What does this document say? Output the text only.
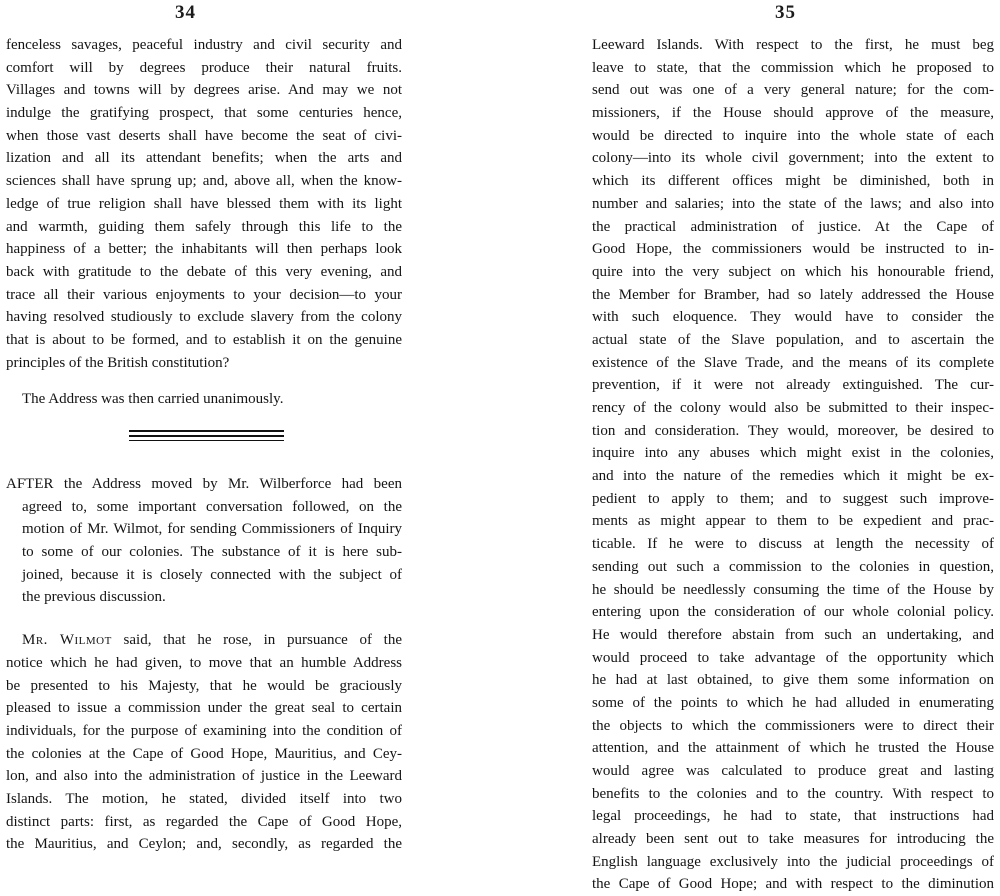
34
fenceless savages, peaceful industry and civil security and
comfort will by degrees produce their natural fruits.
Villages and towns will by degrees arise. And may we not
indulge the gratifying prospect, that some centuries hence,
when those vast deserts shall have become the seat of civi-
lization and all its attendant benefits; when the arts and
sciences shall have sprung up; and, above all, when the know-
ledge of true religion shall have blessed them with its light
and warmth, guiding them safely through this life to the
happiness of a better; the inhabitants will then perhaps look
back with gratitude to the debate of this very evening, and
trace all their various enjoyments to your decision—to your
having resolved studiously to exclude slavery from the colony
that is about to be formed, and to establish it on the genuine
principles of the British constitution?
The Address was then carried unanimously.
AFTER the Address moved by Mr. Wilberforce had been
agreed to, some important conversation followed, on the
motion of Mr. Wilmot, for sending Commissioners of Inquiry
to some of our colonies. The substance of it is here sub-
joined, because it is closely connected with the subject of
the previous discussion.
Mr. Wilmot said, that he rose, in pursuance of the
notice which he had given, to move that an humble Address
be presented to his Majesty, that he would be graciously
pleased to issue a commission under the great seal to certain
individuals, for the purpose of examining into the condition of
the colonies at the Cape of Good Hope, Mauritius, and Cey-
lon, and also into the administration of justice in the Leeward
Islands. The motion, he stated, divided itself into two
distinct parts: first, as regarded the Cape of Good Hope,
the Mauritius, and Ceylon; and, secondly, as regarded the
35
Leeward Islands. With respect to the first, he must beg
leave to state, that the commission which he proposed to
send out was one of a very general nature; for the com-
missioners, if the House should approve of the measure,
would be directed to inquire into the whole state of each
colony—into its whole civil government; into the extent to
which its different offices might be diminished, both in
number and salaries; into the state of the laws; and also into
the practical administration of justice. At the Cape of
Good Hope, the commissioners would be instructed to in-
quire into the very subject on which his honourable friend,
the Member for Bramber, had so lately addressed the House
with such eloquence. They would have to consider the
actual state of the Slave population, and to ascertain the
existence of the Slave Trade, and the means of its complete
prevention, if it were not already extinguished. The cur-
rency of the colony would also be submitted to their inspec-
tion and consideration. They would, moreover, be desired to
inquire into any abuses which might exist in the colonies,
and into the nature of the remedies which it might be ex-
pedient to apply to them; and to suggest such improve-
ments as might appear to them to be expedient and prac-
ticable. If he were to discuss at length the necessity of
sending out such a commission to the colonies in question,
he should be needlessly consuming the time of the House by
entering upon the consideration of our whole colonial policy.
He would therefore abstain from such an undertaking, and
would proceed to take advantage of the opportunity which
he had at last obtained, to give them some information on
some of the points to which he had alluded in enumerating
the objects to which the commissioners were to direct their
attention, and the attainment of which he trusted the House
would agree was calculated to produce great and lasting
benefits to the colonies and to the country. With respect to
legal proceedings, he had to state, that instructions had
already been sent out to take measures for introducing the
English language exclusively into the judicial proceedings of
the Cape of Good Hope; and with respect to the diminution
